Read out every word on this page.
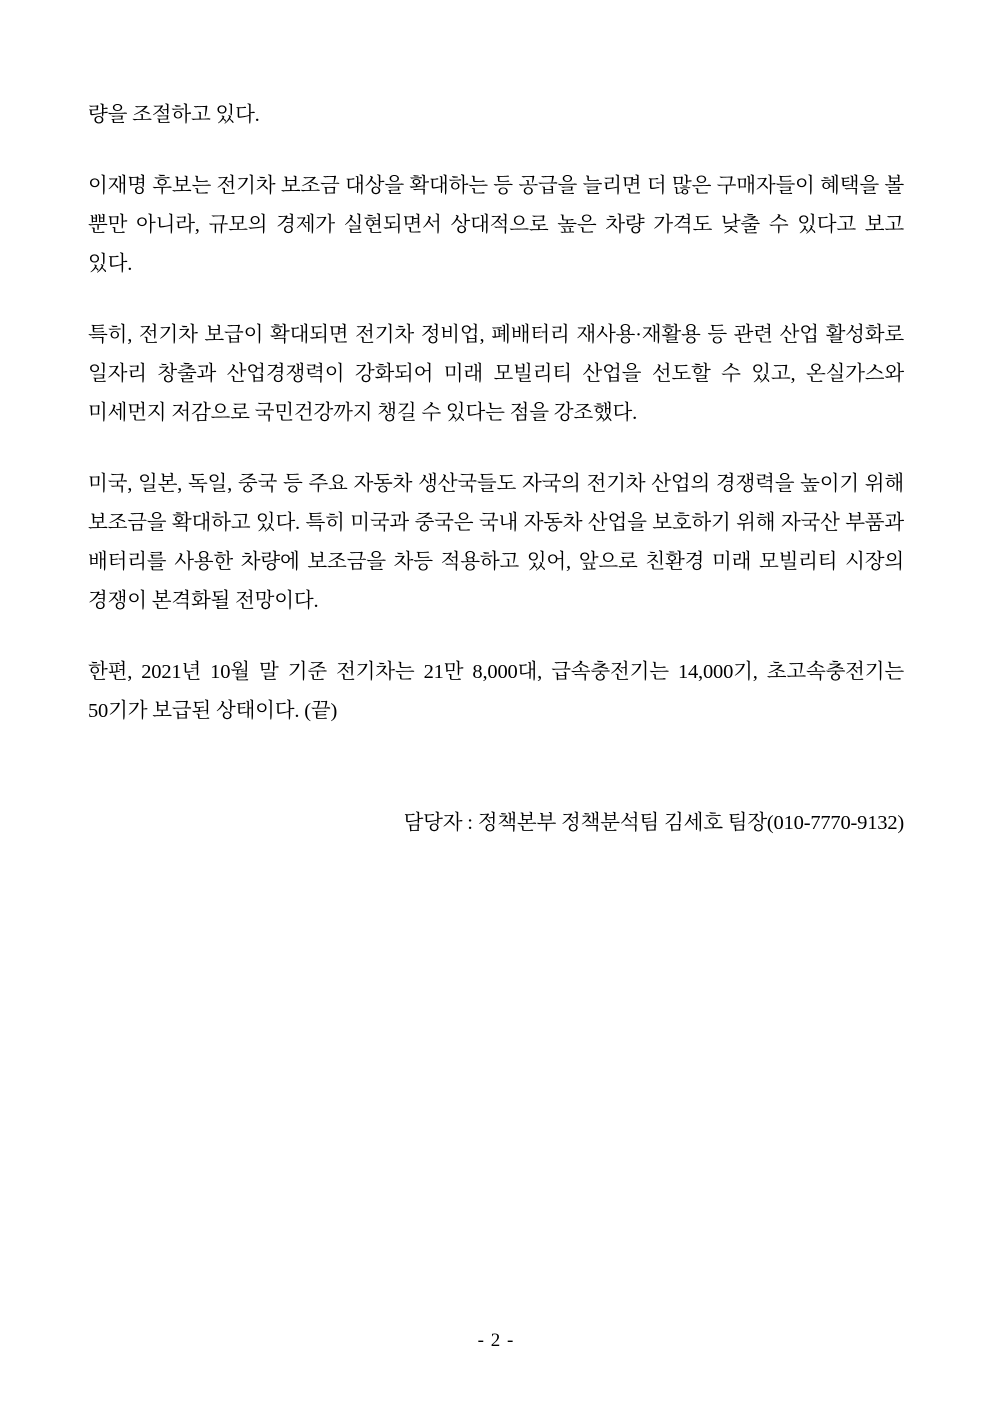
량을 조절하고 있다.

이재명 후보는 전기차 보조금 대상을 확대하는 등 공급을 늘리면 더 많은 구매자들이 혜택을 볼 뿐만 아니라, 규모의 경제가 실현되면서 상대적으로 높은 차량 가격도 낮출 수 있다고 보고 있다.

특히, 전기차 보급이 확대되면 전기차 정비업, 폐배터리 재사용·재활용 등 관련 산업 활성화로 일자리 창출과 산업경쟁력이 강화되어 미래 모빌리티 산업을 선도할 수 있고, 온실가스와 미세먼지 저감으로 국민건강까지 챙길 수 있다는 점을 강조했다.

미국, 일본, 독일, 중국 등 주요 자동차 생산국들도 자국의 전기차 산업의 경쟁력을 높이기 위해 보조금을 확대하고 있다. 특히 미국과 중국은 국내 자동차 산업을 보호하기 위해 자국산 부품과 배터리를 사용한 차량에 보조금을 차등 적용하고 있어, 앞으로 친환경 미래 모빌리티 시장의 경쟁이 본격화될 전망이다.

한편, 2021년 10월 말 기준 전기차는 21만 8,000대, 급속충전기는 14,000기, 초고속충전기는 50기가 보급된 상태이다. (끝)

담당자 : 정책본부 정책분석팀 김세호 팀장(010-7770-9132)
- 2 -
